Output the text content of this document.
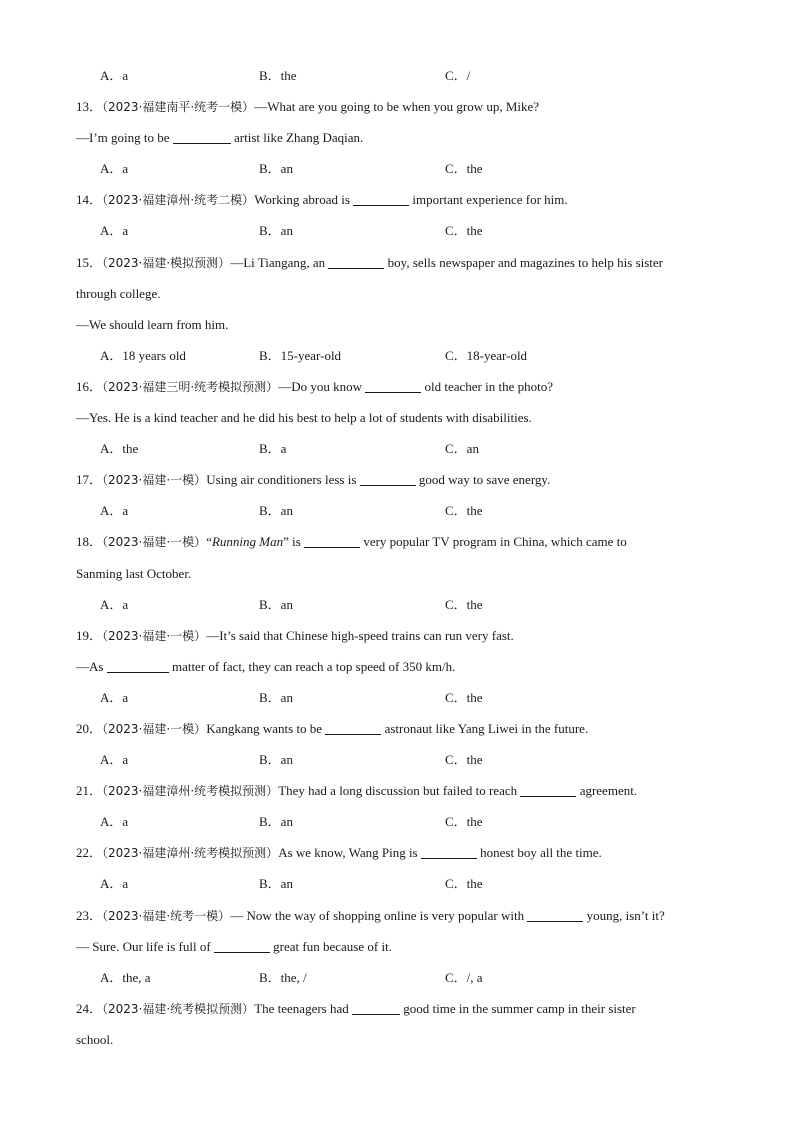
A．a	B．the	C．/
13．（2023·福建南平·统考一模）—What are you going to be when you grow up, Mike?
—I’m going to be	artist like Zhang Daqian.
A．a	B．an	C．the
14．（2023·福建漳州·统考二模）Working abroad is	important experience for him.
A．a	B．an	C．the
15．（2023·福建·模拟预测）—Li Tiangang, an	boy, sells newspaper and magazines to help his sister
through college.
—We should learn from him.
A．18 years old	B．15-year-old	C．18-year-old
16．（2023·福建三明·统考模拟预测）—Do you know	old teacher in the photo?
—Yes. He is a kind teacher and he did his best to help a lot of students with disabilities.
A．the	B．a	C．an
17．（2023·福建·一模）Using air conditioners less is	good way to save energy.
A．a	B．an	C．the
18．（2023·福建·一模）“Running Man” is	very popular TV program in China, which came to
Sanming last October.
A．a	B．an	C．the
19．（2023·福建·一模）—It’s said that Chinese high-speed trains can run very fast.
—As	matter of fact, they can reach a top speed of 350 km/h.
A．a	B．an	C．the
20．（2023·福建·一模）Kangkang wants to be	astronaut like Yang Liwei in the future.
A．a	B．an	C．the
21．（2023·福建漳州·统考模拟预测）They had a long discussion but failed to reach	agreement.
A．a	B．an	C．the
22．（2023·福建漳州·统考模拟预测）As we know, Wang Ping is	honest boy all the time.
A．a	B．an	C．the
23．（2023·福建·统考一模）— Now the way of shopping online is very popular with	young, isn’t it?
— Sure. Our life is full of	great fun because of it.
A．the, a	B．the, /	C．/, a
24．（2023·福建·统考模拟预测）The teenagers had	good time in the summer camp in their sister
school.
